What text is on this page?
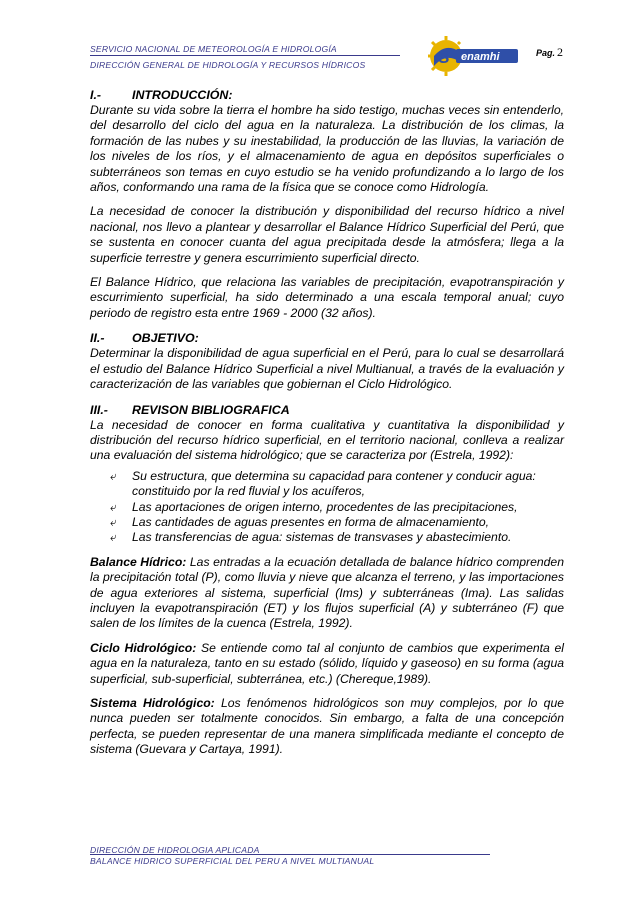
SERVICIO NACIONAL DE METEOROLOGÍA E HIDROLOGÍA
DIRECCIÓN GENERAL DE HIDROLOGÍA Y RECURSOS HÍDRICOS	S enamhi	Pag. 2
I.- INTRODUCCIÓN:

Durante su vida sobre la tierra el hombre ha sido testigo, muchas veces sin entenderlo, del desarrollo del ciclo del agua en la naturaleza. La distribución de los climas, la formación de las nubes y su inestabilidad, la producción de las lluvias, la variación de los niveles de los ríos, y el almacenamiento de agua en depósitos superficiales o subterráneos son temas en cuyo estudio se ha venido profundizando a lo largo de los años, conformando una rama de la física que se conoce como Hidrología.

La necesidad de conocer la distribución y disponibilidad del recurso hídrico a nivel nacional, nos llevo a plantear y desarrollar el Balance Hídrico Superficial del Perú, que se sustenta en conocer cuanta del agua precipitada desde la atmósfera; llega a la superficie terrestre y genera escurrimiento superficial directo.

El Balance Hídrico, que relaciona las variables de precipitación, evapotranspiración y escurrimiento superficial, ha sido determinado a una escala temporal anual; cuyo periodo de registro esta entre 1969 - 2000 (32 años).

II.- OBJETIVO:

Determinar la disponibilidad de agua superficial en el Perú, para lo cual se desarrollará el estudio del Balance Hídrico Superficial a nivel Multianual, a través de la evaluación y caracterización de las variables que gobiernan el Ciclo Hidrológico.

III.- REVISON BIBLIOGRAFICA

La necesidad de conocer en forma cualitativa y cuantitativa la disponibilidad y distribución del recurso hídrico superficial, en el territorio nacional, conlleva a realizar una evaluación del sistema hidrológico; que se caracteriza por (Estrela, 1992):

⤶ Su estructura, que determina su capacidad para contener y conducir agua: constituido por la red fluvial y los acuíferos,
⤶ Las aportaciones de origen interno, procedentes de las precipitaciones,
⤶ Las cantidades de aguas presentes en forma de almacenamiento,
⤶ Las transferencias de agua: sistemas de transvases y abastecimiento.

Balance Hídrico: Las entradas a la ecuación detallada de balance hídrico comprenden la precipitación total (P), como lluvia y nieve que alcanza el terreno, y las importaciones de agua exteriores al sistema, superficial (Ims) y subterráneas (Ima). Las salidas incluyen la evapotranspiración (ET) y los flujos superficial (A) y subterráneo (F) que salen de los límites de la cuenca (Estrela, 1992).

Ciclo Hidrológico: Se entiende como tal al conjunto de cambios que experimenta el agua en la naturaleza, tanto en su estado (sólido, líquido y gaseoso) en su forma (agua superficial, sub-superficial, subterránea, etc.) (Chereque,1989).

Sistema Hidrológico: Los fenómenos hidrológicos son muy complejos, por lo que nunca pueden ser totalmente conocidos. Sin embargo, a falta de una concepción perfecta, se pueden representar de una manera simplificada mediante el concepto de sistema (Guevara y Cartaya, 1991).

DIRECCIÓN DE HIDROLOGIA APLICADA
BALANCE HIDRICO SUPERFICIAL DEL PERU A NIVEL MULTIANUAL
